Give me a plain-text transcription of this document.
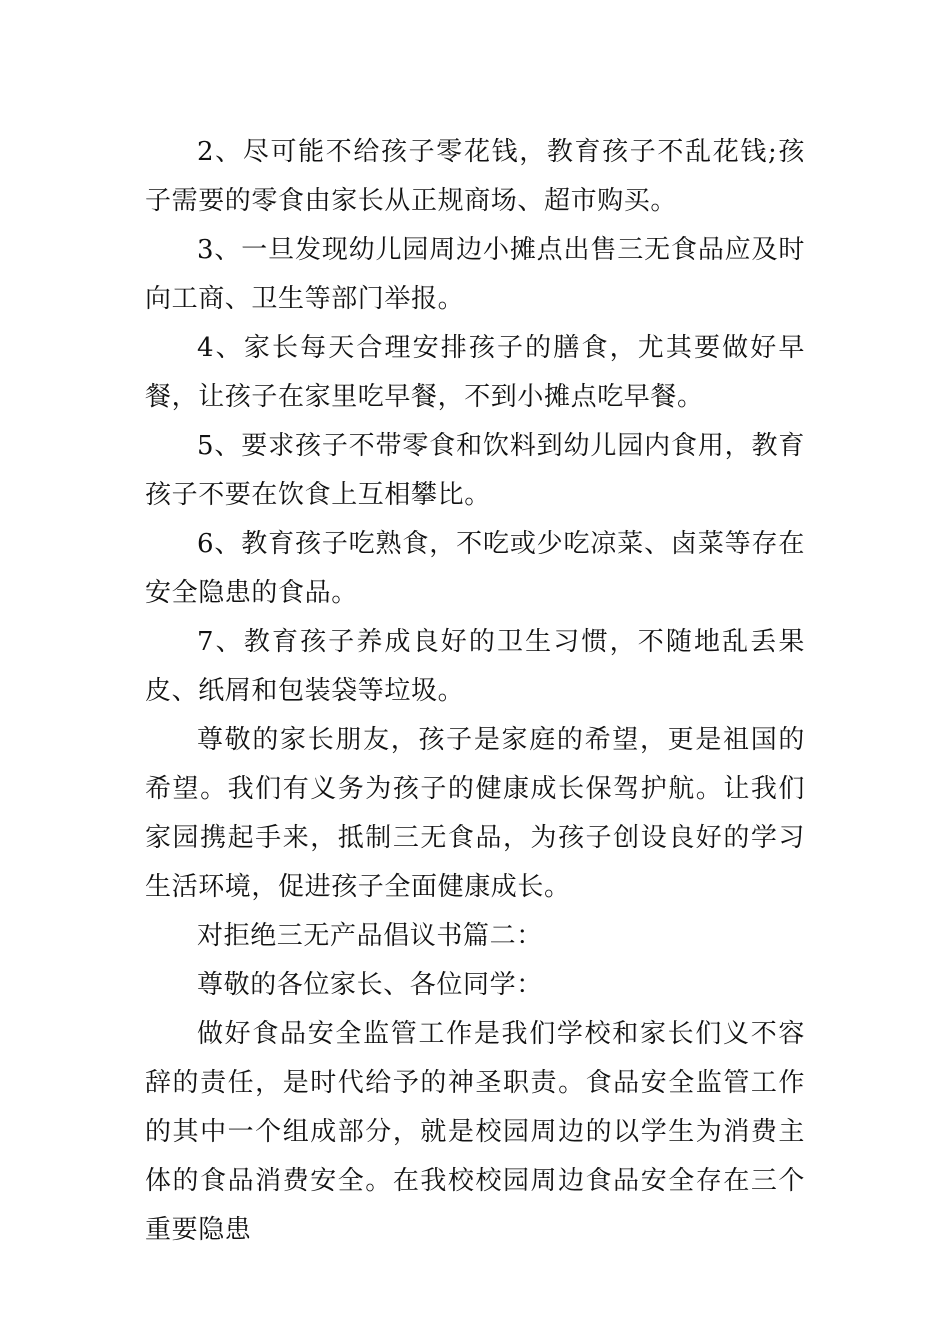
2、尽可能不给孩子零花钱，教育孩子不乱花钱;孩子需要的零食由家长从正规商场、超市购买。

3、一旦发现幼儿园周边小摊点出售三无食品应及时向工商、卫生等部门举报。

4、家长每天合理安排孩子的膳食，尤其要做好早餐，让孩子在家里吃早餐，不到小摊点吃早餐。

5、要求孩子不带零食和饮料到幼儿园内食用，教育孩子不要在饮食上互相攀比。

6、教育孩子吃熟食，不吃或少吃凉菜、卤菜等存在安全隐患的食品。

7、教育孩子养成良好的卫生习惯，不随地乱丢果皮、纸屑和包装袋等垃圾。

尊敬的家长朋友，孩子是家庭的希望，更是祖国的希望。我们有义务为孩子的健康成长保驾护航。让我们家园携起手来，抵制三无食品，为孩子创设良好的学习生活环境，促进孩子全面健康成长。

对拒绝三无产品倡议书篇二：

尊敬的各位家长、各位同学：

做好食品安全监管工作是我们学校和家长们义不容辞的责任，是时代给予的神圣职责。食品安全监管工作的其中一个组成部分，就是校园周边的以学生为消费主体的食品消费安全。在我校校园周边食品安全存在三个重要隐患
